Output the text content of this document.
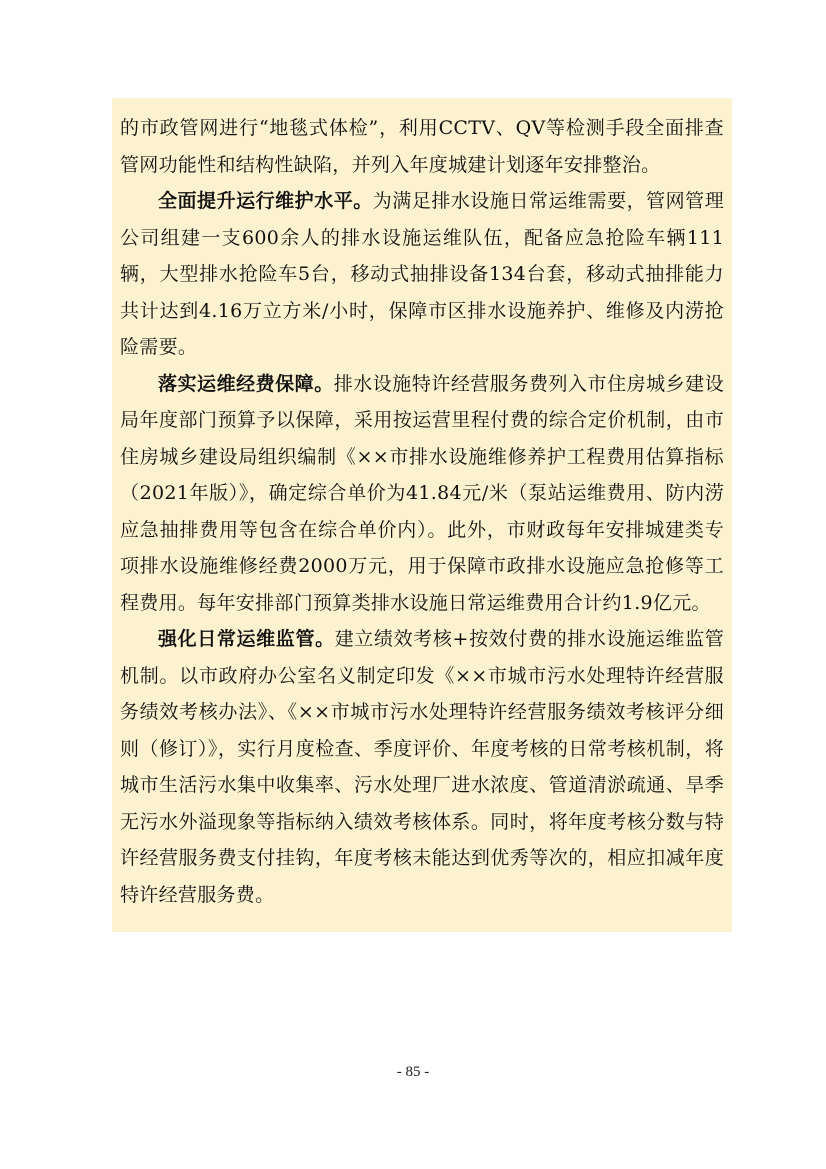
的市政管网进行“地毯式体检”，利用CCTV、QV等检测手段全面排查管网功能性和结构性缺陷，并列入年度城建计划逐年安排整治。

全面提升运行维护水平。为满足排水设施日常运维需要，管网管理公司组建一支600余人的排水设施运维队伍，配备应急抢险车辆111辆，大型排水抢险车5台，移动式抽排设备134台套，移动式抽排能力共计达到4.16万立方米/小时，保障市区排水设施养护、维修及内涝抢险需要。

落实运维经费保障。排水设施特许经营服务费列入市住房城乡建设局年度部门预算予以保障，采用按运营里程付费的综合定价机制，由市住房城乡建设局组织编制《××市排水设施维修养护工程费用估算指标（2021年版）》，确定综合单价为41.84元/米（泵站运维费用、防内涝应急抽排费用等包含在综合单价内）。此外，市财政每年安排城建类专项排水设施维修经费2000万元，用于保障市政排水设施应急抢修等工程费用。每年安排部门预算类排水设施日常运维费用合计约1.9亿元。

强化日常运维监管。建立绩效考核+按效付费的排水设施运维监管机制。以市政府办公室名义制定印发《××市城市污水处理特许经营服务绩效考核办法》、《××市城市污水处理特许经营服务绩效考核评分细则（修订）》，实行月度检查、季度评价、年度考核的日常考核机制，将城市生活污水集中收集率、污水处理厂进水浓度、管道清淤疏通、旱季无污水外溢现象等指标纳入绩效考核体系。同时，将年度考核分数与特许经营服务费支付挂钩，年度考核未能达到优秀等次的，相应扣减年度特许经营服务费。

- 85 -
